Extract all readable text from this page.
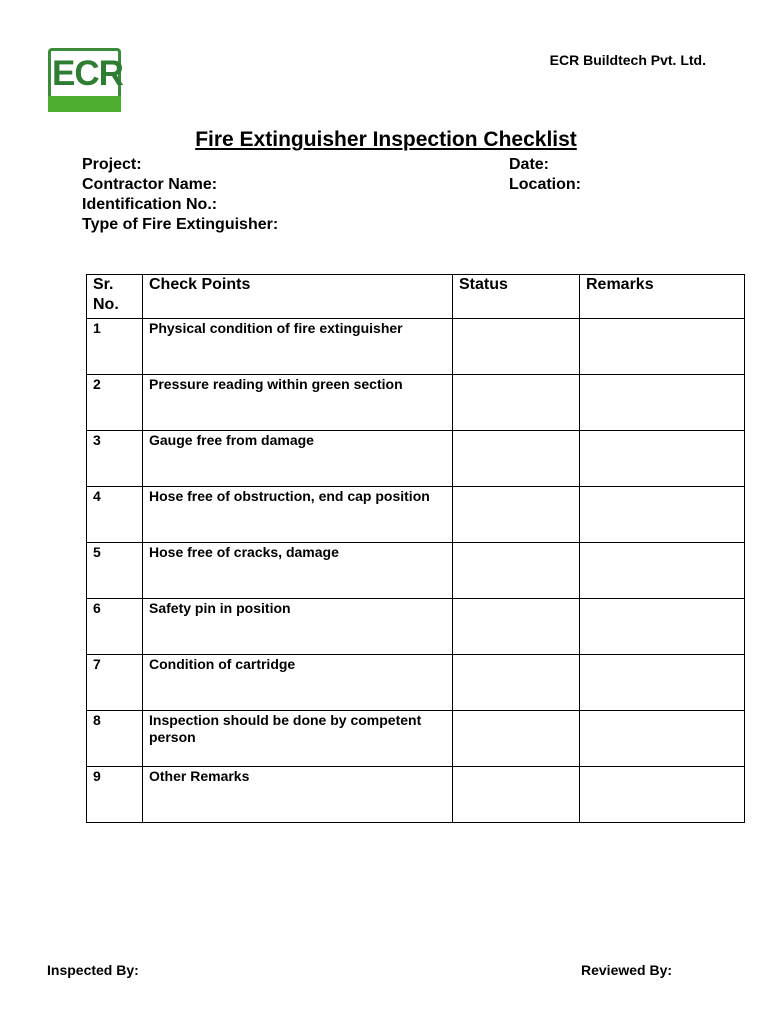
ECR	ECR Buildtech Pvt. Ltd.
Fire Extinguisher Inspection Checklist
Project:	Date:
Contractor Name:	Location:
Identification No.:
Type of Fire Extinguisher:
Sr. No.	Check Points	Status	Remarks
1	Physical condition of fire extinguisher		
2	Pressure reading within green section		
3	Gauge free from damage		
4	Hose free of obstruction, end cap position		
5	Hose free of cracks, damage		
6	Safety pin in position		
7	Condition of cartridge		
8	Inspection should be done by competent person		
9	Other Remarks		
Inspected By:	Reviewed By:
